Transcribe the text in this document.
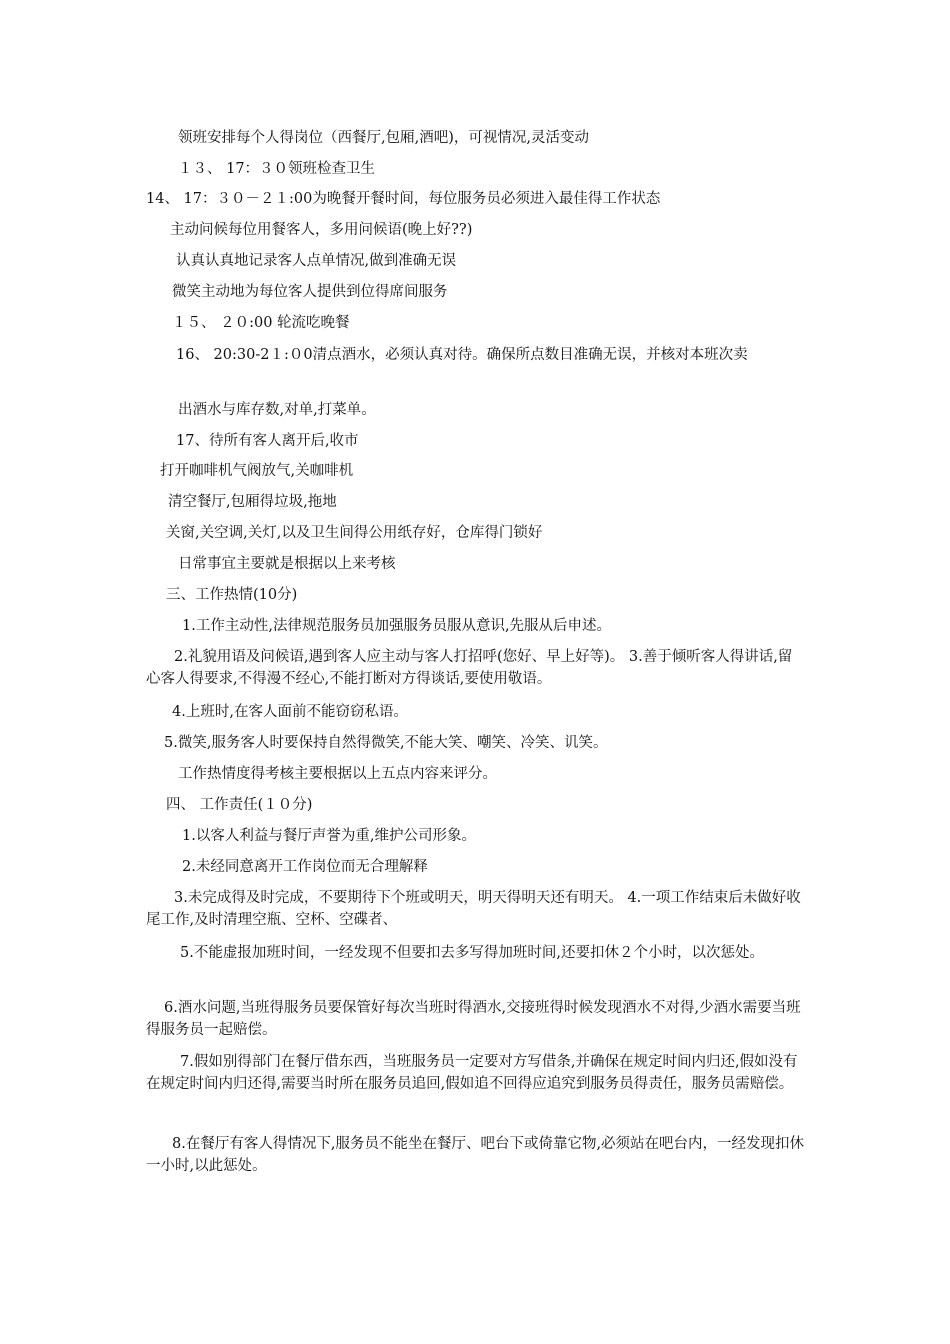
领班安排每个人得岗位（西餐厅,包厢,酒吧)，可视情况,灵活变动
１３、 17：３０领班检查卫生
14、 17：３０－２１:00为晚餐开餐时间，每位服务员必须进入最佳得工作状态
主动问候每位用餐客人，多用问候语(晚上好??)
认真认真地记录客人点单情况,做到准确无误
微笑主动地为每位客人提供到位得席间服务
１５、 ２０:00 轮流吃晚餐
16、 20:30-2１:０0清点酒水，必须认真对待。确保所点数目准确无误，并核对本班次卖
出酒水与库存数,对单,打菜单。
17、待所有客人离开后,收市
打开咖啡机气阀放气,关咖啡机
清空餐厅,包厢得垃圾,拖地
关窗,关空调,关灯,以及卫生间得公用纸存好，仓库得门锁好
日常事宜主要就是根据以上来考核
三、工作热情(10分)
1.工作主动性,法律规范服务员加强服务员服从意识,先服从后申述。
2.礼貌用语及问候语,遇到客人应主动与客人打招呼(您好、早上好等)。 3.善于倾听客人得讲话,留心客人得要求,不得漫不经心,不能打断对方得谈话,要使用敬语。
4.上班时,在客人面前不能窃窃私语。
5.微笑,服务客人时要保持自然得微笑,不能大笑、嘲笑、冷笑、讥笑。
工作热情度得考核主要根据以上五点内容来评分。
四、 工作责任(１０分)
1.以客人利益与餐厅声誉为重,维护公司形象。
2.未经同意离开工作岗位而无合理解释
3.未完成得及时完成，不要期待下个班或明天，明天得明天还有明天。 4.一项工作结束后未做好收尾工作,及时清理空瓶、空杯、空碟者、
5.不能虚报加班时间，一经发现不但要扣去多写得加班时间,还要扣休２个小时，以次惩处。
6.酒水问题,当班得服务员要保管好每次当班时得酒水,交接班得时候发现酒水不对得,少酒水需要当班得服务员一起赔偿。
7.假如别得部门在餐厅借东西，当班服务员一定要对方写借条,并确保在规定时间内归还,假如没有在规定时间内归还得,需要当时所在服务员追回,假如追不回得应追究到服务员得责任，服务员需赔偿。
8.在餐厅有客人得情况下,服务员不能坐在餐厅、吧台下或倚靠它物,必须站在吧台内，一经发现扣休一小时,以此惩处。
